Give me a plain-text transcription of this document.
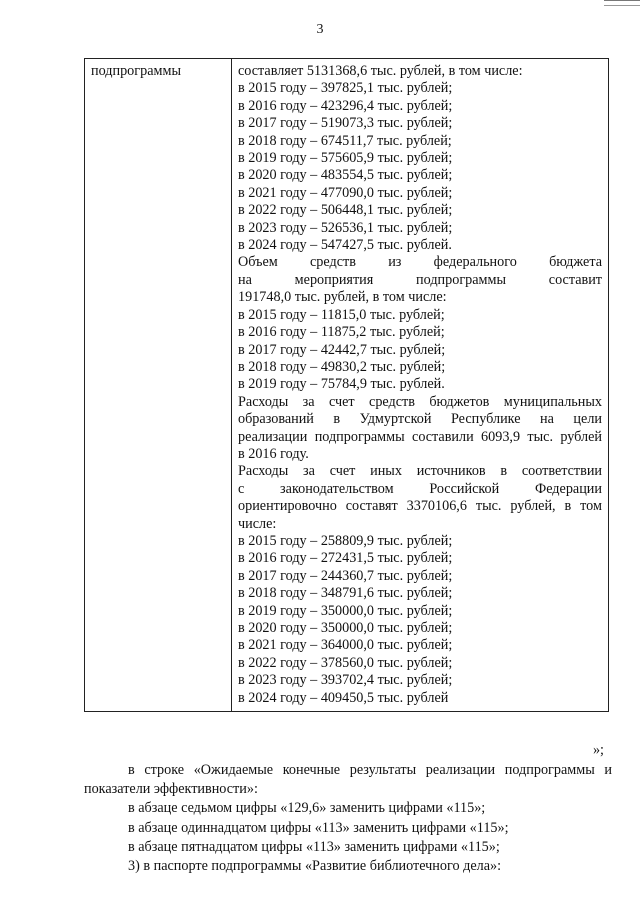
3
подпрограммы	составляет 5131368,6 тыс. рублей, в том числе:
в 2015 году – 397825,1 тыс. рублей;
в 2016 году – 423296,4 тыс. рублей;
в 2017 году – 519073,3 тыс. рублей;
в 2018 году – 674511,7 тыс. рублей;
в 2019 году – 575605,9 тыс. рублей;
в 2020 году – 483554,5 тыс. рублей;
в 2021 году – 477090,0 тыс. рублей;
в 2022 году – 506448,1 тыс. рублей;
в 2023 году – 526536,1 тыс. рублей;
в 2024 году – 547427,5 тыс. рублей.
Объем средств из федерального бюджета
на мероприятия подпрограммы составит
191748,0 тыс. рублей, в том числе:
в 2015 году – 11815,0 тыс. рублей;
в 2016 году – 11875,2 тыс. рублей;
в 2017 году – 42442,7 тыс. рублей;
в 2018 году – 49830,2 тыс. рублей;
в 2019 году – 75784,9 тыс. рублей.
Расходы за счет средств бюджетов муниципальных
образований в Удмуртской Республике на цели
реализации подпрограммы составили 6093,9 тыс. рублей
в 2016 году.
Расходы за счет иных источников в соответствии
с законодательством Российской Федерации
ориентировочно составят 3370106,6 тыс. рублей, в том
числе:
в 2015 году – 258809,9 тыс. рублей;
в 2016 году – 272431,5 тыс. рублей;
в 2017 году – 244360,7 тыс. рублей;
в 2018 году – 348791,6 тыс. рублей;
в 2019 году – 350000,0 тыс. рублей;
в 2020 году – 350000,0 тыс. рублей;
в 2021 году – 364000,0 тыс. рублей;
в 2022 году – 378560,0 тыс. рублей;
в 2023 году – 393702,4 тыс. рублей;
в 2024 году – 409450,5 тыс. рублей
»;

в строке «Ожидаемые конечные результаты реализации подпрограммы и

показатели эффективности»:

в абзаце седьмом цифры «129,6» заменить цифрами «115»;

в абзаце одиннадцатом цифры «113» заменить цифрами «115»;

в абзаце пятнадцатом цифры «113» заменить цифрами «115»;

3) в паспорте подпрограммы «Развитие библиотечного дела»:
